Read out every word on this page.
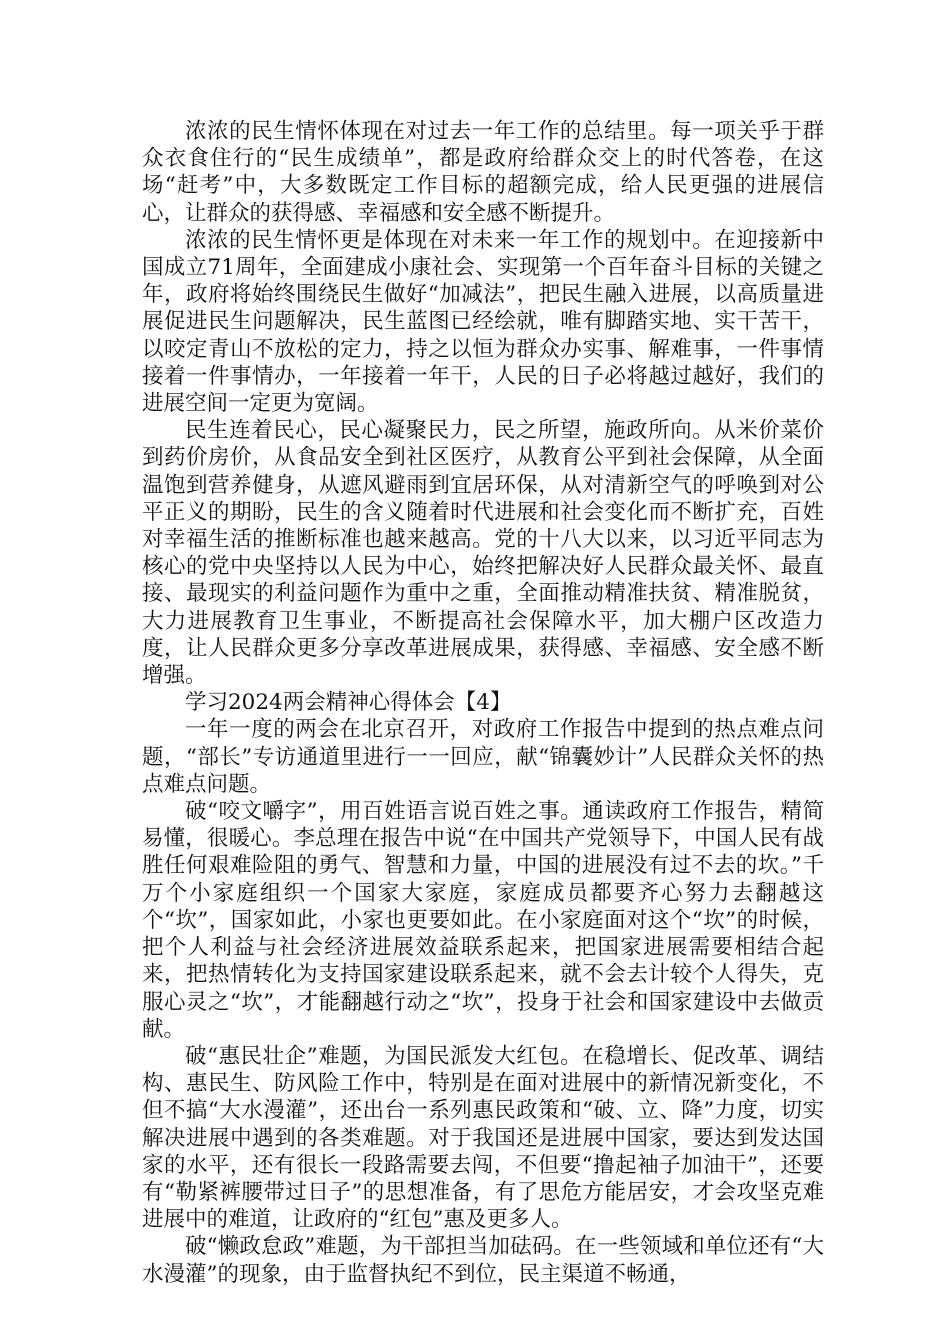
浓浓的民生情怀体现在对过去一年工作的总结里。每一项关乎于群众衣食住行的“民生成绩单”，都是政府给群众交上的时代答卷，在这场“赶考”中，大多数既定工作目标的超额完成，给人民更强的进展信心，让群众的获得感、幸福感和安全感不断提升。

浓浓的民生情怀更是体现在对未来一年工作的规划中。在迎接新中国成立71周年，全面建成小康社会、实现第一个百年奋斗目标的关键之年，政府将始终围绕民生做好“加减法”，把民生融入进展，以高质量进展促进民生问题解决，民生蓝图已经绘就，唯有脚踏实地、实干苦干，以咬定青山不放松的定力，持之以恒为群众办实事、解难事，一件事情接着一件事情办，一年接着一年干，人民的日子必将越过越好，我们的进展空间一定更为宽阔。

民生连着民心，民心凝聚民力，民之所望，施政所向。从米价菜价到药价房价，从食品安全到社区医疗，从教育公平到社会保障，从全面温饱到营养健身，从遮风避雨到宜居环保，从对清新空气的呼唤到对公平正义的期盼，民生的含义随着时代进展和社会变化而不断扩充，百姓对幸福生活的推断标准也越来越高。党的十八大以来，以习近平同志为核心的党中央坚持以人民为中心，始终把解决好人民群众最关怀、最直接、最现实的利益问题作为重中之重，全面推动精准扶贫、精准脱贫，大力进展教育卫生事业，不断提高社会保障水平，加大棚户区改造力度，让人民群众更多分享改革进展成果，获得感、幸福感、安全感不断增强。

学习2024两会精神心得体会【4】

一年一度的两会在北京召开，对政府工作报告中提到的热点难点问题，“部长”专访通道里进行一一回应，献“锦囊妙计”人民群众关怀的热点难点问题。

破“咬文嚼字”，用百姓语言说百姓之事。通读政府工作报告，精简易懂，很暖心。李总理在报告中说“在中国共产党领导下，中国人民有战胜任何艰难险阻的勇气、智慧和力量，中国的进展没有过不去的坎。”千万个小家庭组织一个国家大家庭，家庭成员都要齐心努力去翻越这个“坎”，国家如此，小家也更要如此。在小家庭面对这个“坎”的时候，把个人利益与社会经济进展效益联系起来，把国家进展需要相结合起来，把热情转化为支持国家建设联系起来，就不会去计较个人得失，克服心灵之“坎”，才能翻越行动之“坎”，投身于社会和国家建设中去做贡献。

破“惠民壮企”难题，为国民派发大红包。在稳增长、促改革、调结构、惠民生、防风险工作中，特别是在面对进展中的新情况新变化，不但不搞“大水漫灌”，还出台一系列惠民政策和“破、立、降”力度，切实解决进展中遇到的各类难题。对于我国还是进展中国家，要达到发达国家的水平，还有很长一段路需要去闯，不但要“撸起袖子加油干”，还要有“勒紧裤腰带过日子”的思想准备，有了思危方能居安，才会攻坚克难进展中的难道，让政府的“红包”惠及更多人。

破“懒政怠政”难题，为干部担当加砝码。在一些领域和单位还有“大水漫灌”的现象，由于监督执纪不到位，民主渠道不畅通，
